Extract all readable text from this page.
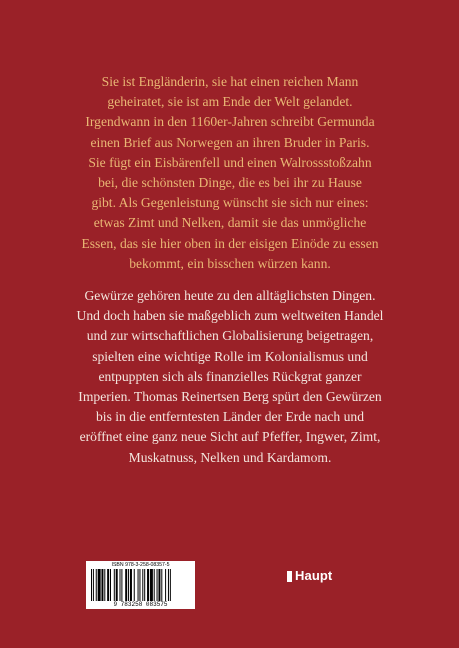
Sie ist Engländerin, sie hat einen reichen Mann

geheiratet, sie ist am Ende der Welt gelandet.

Irgendwann in den 1160er-Jahren schreibt Germunda

einen Brief aus Norwegen an ihren Bruder in Paris.

Sie fügt ein Eisbärenfell und einen Walrossstoßzahn

bei, die schönsten Dinge, die es bei ihr zu Hause

gibt. Als Gegenleistung wünscht sie sich nur eines:

etwas Zimt und Nelken, damit sie das unmögliche

Essen, das sie hier oben in der eisigen Einöde zu essen

bekommt, ein bisschen würzen kann.

Gewürze gehören heute zu den alltäglichsten Dingen.

Und doch haben sie maßgeblich zum weltweiten Handel

und zur wirtschaftlichen Globalisierung beigetragen,

spielten eine wichtige Rolle im Kolonialismus und

entpuppten sich als finanzielles Rückgrat ganzer

Imperien. Thomas Reinertsen Berg spürt den Gewürzen

bis in die entferntesten Länder der Erde nach und

eröffnet eine ganz neue Sicht auf Pfeffer, Ingwer, Zimt,

Muskatnuss, Nelken und Kardamom.

ISBN 978-3-258-08357-5
9 783258 083575
Haupt
